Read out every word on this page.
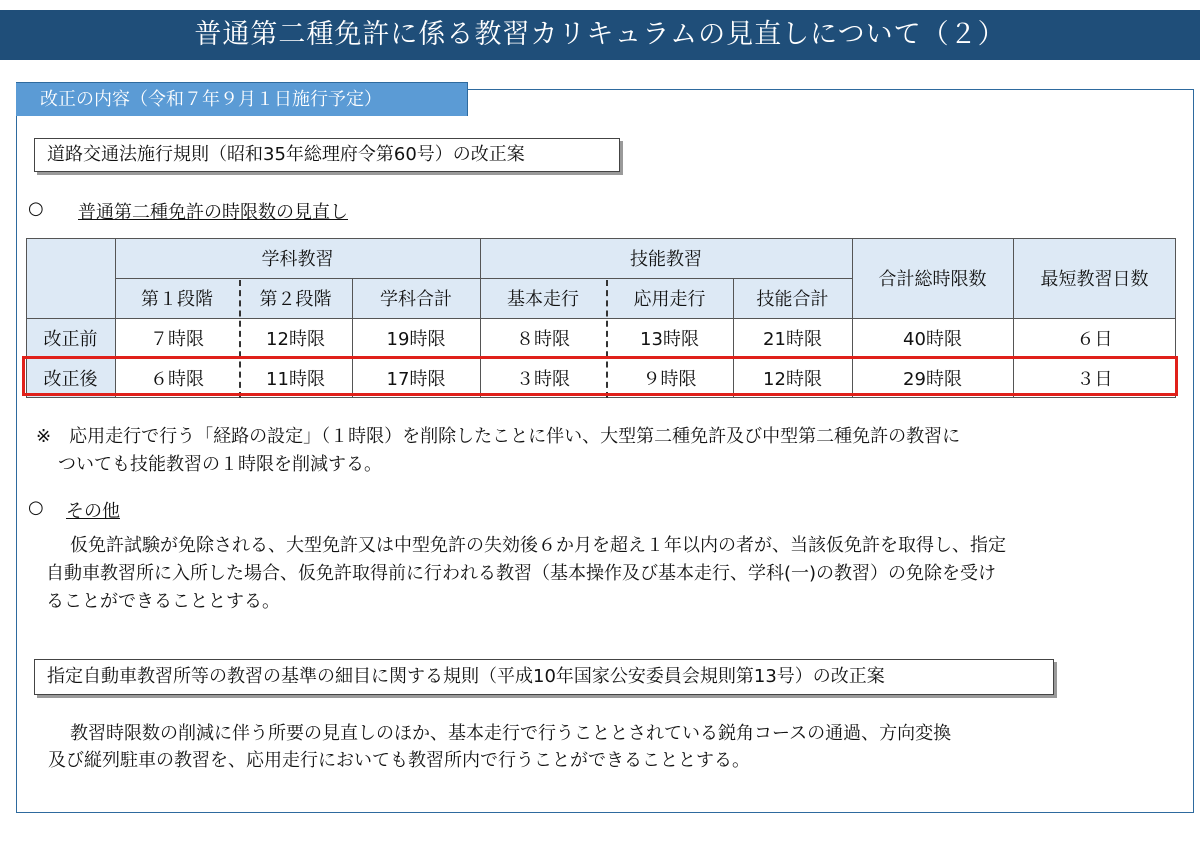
普通第二種免許に係る教習カリキュラムの見直しについて（２）
改正の内容（令和７年９月１日施行予定）
道路交通法施行規則（昭和35年総理府令第60号）の改正案
○ 普通第二種免許の時限数の見直し
学科教習	技能教習
合計総時限数	最短教習日数
第１段階	第２段階	学科合計	基本走行	応用走行	技能合計
改正前	７時限	12時限	19時限	８時限	13時限	21時限	40時限	６日
改正後	６時限	11時限	17時限	３時限	９時限	12時限	29時限	３日
※　応用走行で行う「経路の設定」（１時限）を削除したことに伴い、大型第二種免許及び中型第二種免許の教習に
ついても技能教習の１時限を削減する。
○ その他
仮免許試験が免除される、大型免許又は中型免許の失効後６か月を超え１年以内の者が、当該仮免許を取得し、指定
自動車教習所に入所した場合、仮免許取得前に行われる教習（基本操作及び基本走行、学科(一)の教習）の免除を受け
ることができることとする。
指定自動車教習所等の教習の基準の細目に関する規則（平成10年国家公安委員会規則第13号）の改正案
教習時限数の削減に伴う所要の見直しのほか、基本走行で行うこととされている鋭角コースの通過、方向変換
及び縦列駐車の教習を、応用走行においても教習所内で行うことができることとする。
